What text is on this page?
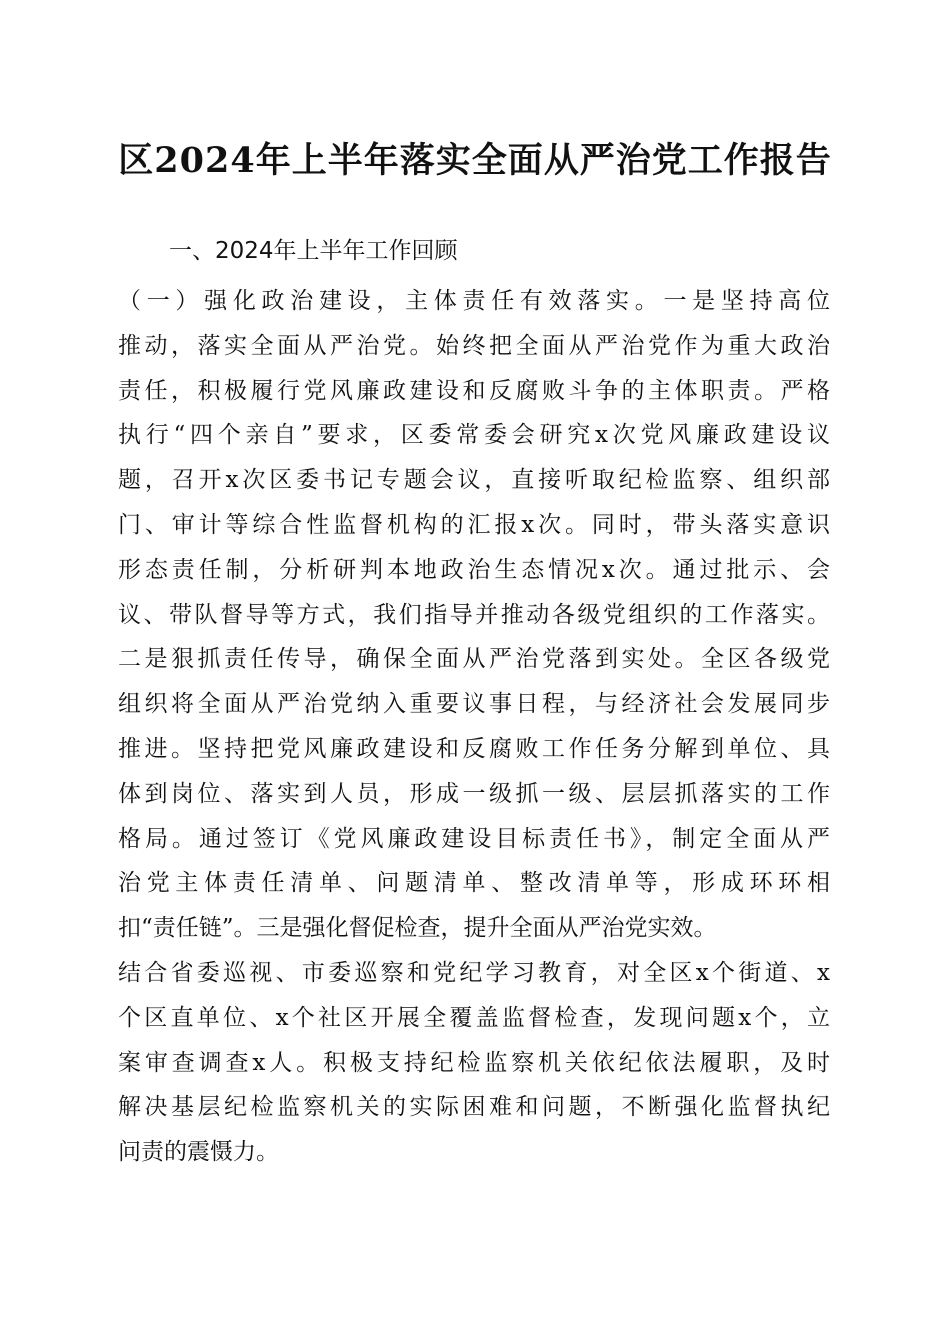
区2024年上半年落实全面从严治党工作报告
一、2024年上半年工作回顾
（一）强化政治建设，主体责任有效落实。一是坚持高位
推动，落实全面从严治党。始终把全面从严治党作为重大政治
责任，积极履行党风廉政建设和反腐败斗争的主体职责。严格
执行“四个亲自”要求，区委常委会研究x次党风廉政建设议
题，召开x次区委书记专题会议，直接听取纪检监察、组织部
门、审计等综合性监督机构的汇报x次。同时，带头落实意识
形态责任制，分析研判本地政治生态情况x次。通过批示、会
议、带队督导等方式，我们指导并推动各级党组织的工作落实。
二是狠抓责任传导，确保全面从严治党落到实处。全区各级党
组织将全面从严治党纳入重要议事日程，与经济社会发展同步
推进。坚持把党风廉政建设和反腐败工作任务分解到单位、具
体到岗位、落实到人员，形成一级抓一级、层层抓落实的工作
格局。通过签订《党风廉政建设目标责任书》，制定全面从严
治党主体责任清单、问题清单、整改清单等，形成环环相
扣“责任链”。三是强化督促检查，提升全面从严治党实效。
结合省委巡视、市委巡察和党纪学习教育，对全区x个街道、x
个区直单位、x个社区开展全覆盖监督检查，发现问题x个，立
案审查调查x人。积极支持纪检监察机关依纪依法履职，及时
解决基层纪检监察机关的实际困难和问题，不断强化监督执纪
问责的震慑力。
